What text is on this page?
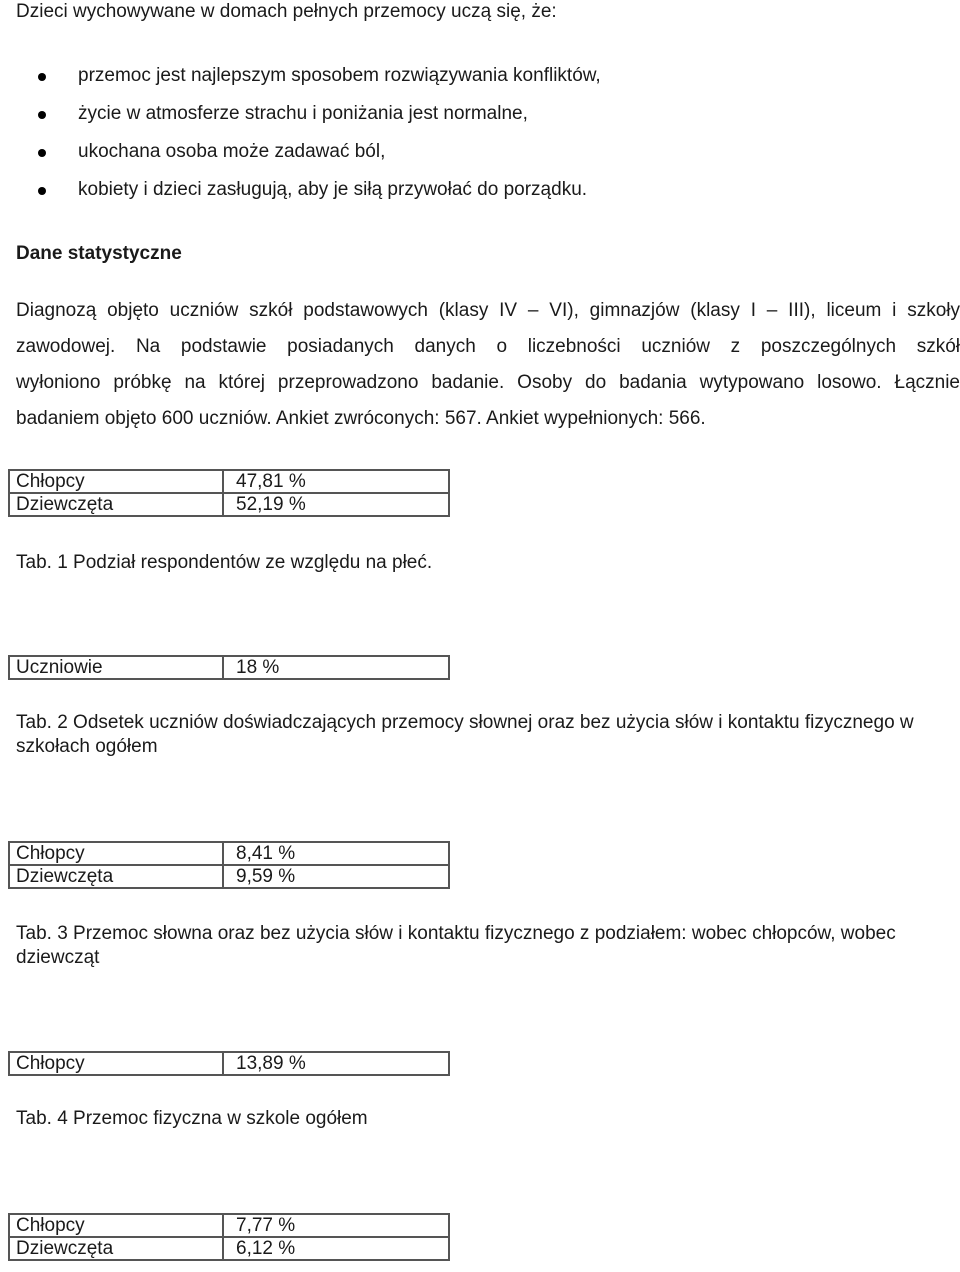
Dzieci wychowywane w domach pełnych przemocy uczą się, że:
przemoc jest najlepszym sposobem rozwiązywania konfliktów,
życie w atmosferze strachu i poniżania jest normalne,
ukochana osoba może zadawać ból,
kobiety i dzieci zasługują, aby je siłą przywołać do porządku.
Dane statystyczne
Diagnozą objęto uczniów szkół podstawowych (klasy IV – VI), gimnazjów (klasy I – III), liceum i szkoły
zawodowej. Na podstawie posiadanych danych o liczebności uczniów z poszczególnych szkół
wyłoniono próbkę na której przeprowadzono badanie. Osoby do badania wytypowano losowo. Łącznie
badaniem objęto 600 uczniów. Ankiet zwróconych: 567. Ankiet wypełnionych: 566.
Chłopcy	47,81 %
Dziewczęta	52,19 %
Tab. 1 Podział respondentów ze względu na płeć.
Uczniowie	18 %
Tab. 2 Odsetek uczniów doświadczających przemocy słownej oraz bez użycia słów i kontaktu fizycznego w szkołach ogółem
Chłopcy	8,41 %
Dziewczęta	9,59 %
Tab. 3 Przemoc słowna oraz bez użycia słów i kontaktu fizycznego z podziałem: wobec chłopców, wobec dziewcząt
Chłopcy	13,89 %
Tab. 4 Przemoc fizyczna w szkole ogółem
Chłopcy	7,77 %
Dziewczęta	6,12 %
